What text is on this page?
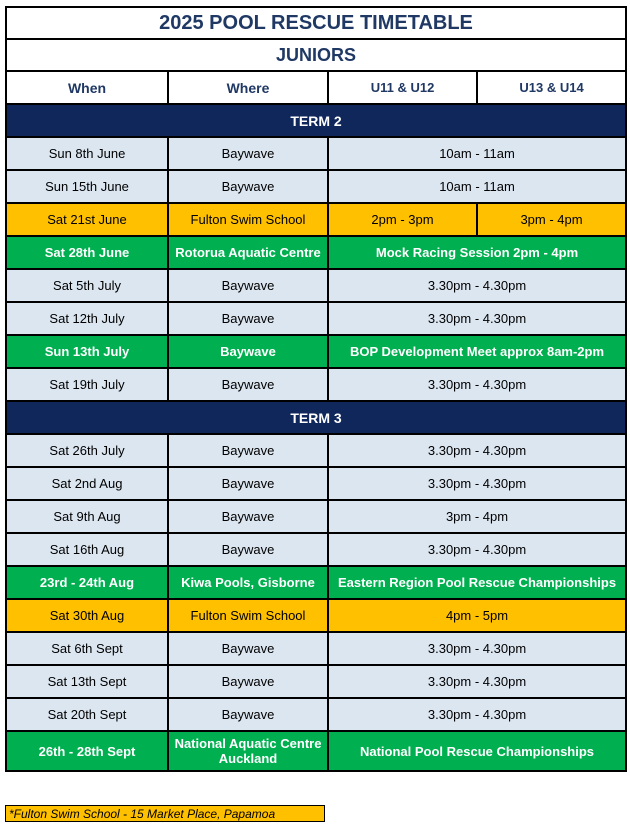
2025 POOL RESCUE TIMETABLE			
JUNIORS			
When	Where	U11 & U12	U13 & U14
TERM 2			
Sun 8th June	Baywave	10am - 11am	
Sun 15th June	Baywave	10am - 11am	
Sat 21st June	Fulton Swim School	2pm - 3pm	3pm - 4pm
Sat 28th June	Rotorua Aquatic Centre	Mock Racing Session 2pm - 4pm	
Sat 5th July	Baywave	3.30pm - 4.30pm	
Sat 12th July	Baywave	3.30pm - 4.30pm	
Sun 13th July	Baywave	BOP Development Meet approx 8am-2pm	
Sat 19th July	Baywave	3.30pm - 4.30pm	
TERM 3			
Sat 26th July	Baywave	3.30pm - 4.30pm	
Sat 2nd Aug	Baywave	3.30pm - 4.30pm	
Sat 9th Aug	Baywave	3pm - 4pm	
Sat 16th Aug	Baywave	3.30pm - 4.30pm	
23rd - 24th Aug	Kiwa Pools, Gisborne	Eastern Region Pool Rescue Championships	
Sat 30th Aug	Fulton Swim School	4pm - 5pm	
Sat 6th Sept	Baywave	3.30pm - 4.30pm	
Sat 13th Sept	Baywave	3.30pm - 4.30pm	
Sat 20th Sept	Baywave	3.30pm - 4.30pm	
26th - 28th Sept	National Aquatic Centre Auckland	National Pool Rescue Championships	
*Fulton Swim School - 15 Market Place, Papamoa
